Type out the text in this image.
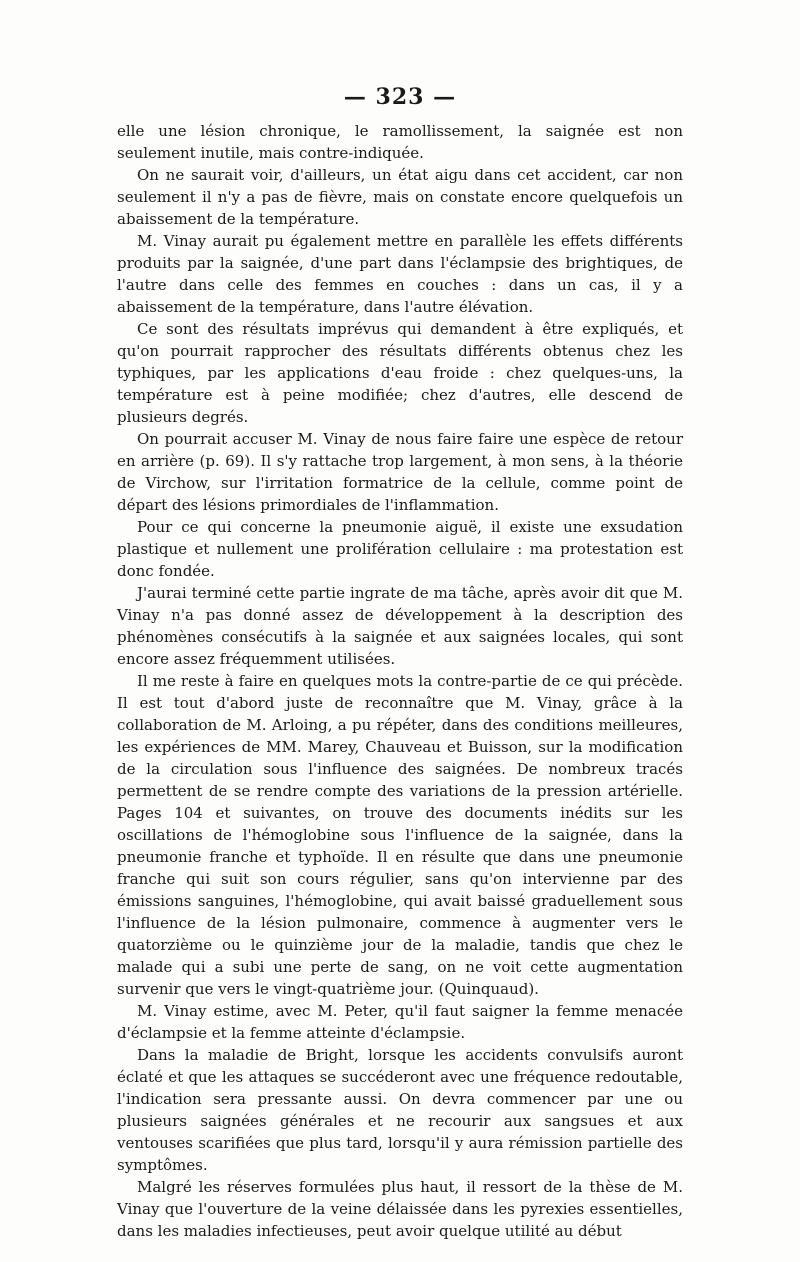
— 323 —

elle une lésion chronique, le ramollissement, la saignée est non seulement inutile, mais contre-indiquée.

On ne saurait voir, d'ailleurs, un état aigu dans cet accident, car non seulement il n'y a pas de fièvre, mais on constate encore quelquefois un abaissement de la température.

M. Vinay aurait pu également mettre en parallèle les effets différents produits par la saignée, d'une part dans l'éclampsie des brightiques, de l'autre dans celle des femmes en couches : dans un cas, il y a abaissement de la température, dans l'autre élévation.

Ce sont des résultats imprévus qui demandent à être expliqués, et qu'on pourrait rapprocher des résultats différents obtenus chez les typhiques, par les applications d'eau froide : chez quelques-uns, la température est à peine modifiée; chez d'autres, elle descend de plusieurs degrés.

On pourrait accuser M. Vinay de nous faire faire une espèce de retour en arrière (p. 69). Il s'y rattache trop largement, à mon sens, à la théorie de Virchow, sur l'irritation formatrice de la cellule, comme point de départ des lésions primordiales de l'inflammation.

Pour ce qui concerne la pneumonie aiguë, il existe une exsudation plastique et nullement une prolifération cellulaire : ma protestation est donc fondée.

J'aurai terminé cette partie ingrate de ma tâche, après avoir dit que M. Vinay n'a pas donné assez de développement à la description des phénomènes consécutifs à la saignée et aux saignées locales, qui sont encore assez fréquemment utilisées.

Il me reste à faire en quelques mots la contre-partie de ce qui précède. Il est tout d'abord juste de reconnaître que M. Vinay, grâce à la collaboration de M. Arloing, a pu répéter, dans des conditions meilleures, les expériences de MM. Marey, Chauveau et Buisson, sur la modification de la circulation sous l'influence des saignées. De nombreux tracés permettent de se rendre compte des variations de la pression artérielle. Pages 104 et suivantes, on trouve des documents inédits sur les oscillations de l'hémoglobine sous l'influence de la saignée, dans la pneumonie franche et typhoïde. Il en résulte que dans une pneumonie franche qui suit son cours régulier, sans qu'on intervienne par des émissions sanguines, l'hémoglobine, qui avait baissé graduellement sous l'influence de la lésion pulmonaire, commence à augmenter vers le quatorzième ou le quinzième jour de la maladie, tandis que chez le malade qui a subi une perte de sang, on ne voit cette augmentation survenir que vers le vingt-quatrième jour. (Quinquaud).

M. Vinay estime, avec M. Peter, qu'il faut saigner la femme menacée d'éclampsie et la femme atteinte d'éclampsie.

Dans la maladie de Bright, lorsque les accidents convulsifs auront éclaté et que les attaques se succéderont avec une fréquence redoutable, l'indication sera pressante aussi. On devra commencer par une ou plusieurs saignées générales et ne recourir aux sangsues et aux ventouses scarifiées que plus tard, lorsqu'il y aura rémission partielle des symptômes.

Malgré les réserves formulées plus haut, il ressort de la thèse de M. Vinay que l'ouverture de la veine délaissée dans les pyrexies essentielles, dans les maladies infectieuses, peut avoir quelque utilité au début
